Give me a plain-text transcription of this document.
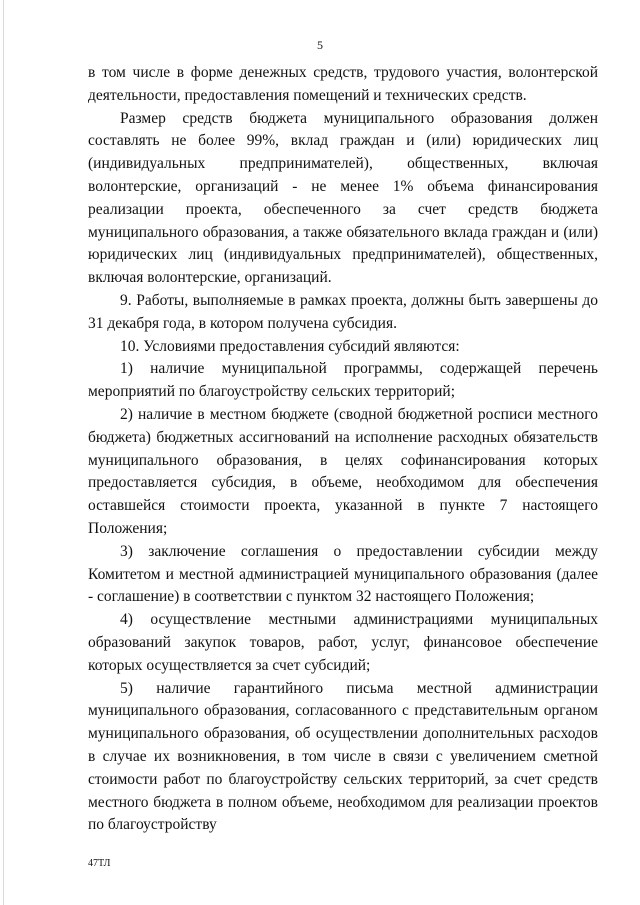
5

в том числе в форме денежных средств, трудового участия, волонтерской деятельности, предоставления помещений и технических средств.

Размер средств бюджета муниципального образования должен составлять не более 99%, вклад граждан и (или) юридических лиц (индивидуальных предпринимателей), общественных, включая волонтерские, организаций - не менее 1% объема финансирования реализации проекта, обеспеченного за счет средств бюджета муниципального образования, а также обязательного вклада граждан и (или) юридических лиц (индивидуальных предпринимателей), общественных, включая волонтерские, организаций.

9. Работы, выполняемые в рамках проекта, должны быть завершены до 31 декабря года, в котором получена субсидия.

10. Условиями предоставления субсидий являются:

1) наличие муниципальной программы, содержащей перечень мероприятий по благоустройству сельских территорий;

2) наличие в местном бюджете (сводной бюджетной росписи местного бюджета) бюджетных ассигнований на исполнение расходных обязательств муниципального образования, в целях софинансирования которых предоставляется субсидия, в объеме, необходимом для обеспечения оставшейся стоимости проекта, указанной в пункте 7 настоящего Положения;

3) заключение соглашения о предоставлении субсидии между Комитетом и местной администрацией муниципального образования (далее - соглашение) в соответствии с пунктом 32 настоящего Положения;

4) осуществление местными администрациями муниципальных образований закупок товаров, работ, услуг, финансовое обеспечение которых осуществляется за счет субсидий;

5) наличие гарантийного письма местной администрации муниципального образования, согласованного с представительным органом муниципального образования, об осуществлении дополнительных расходов в случае их возникновения, в том числе в связи с увеличением сметной стоимости работ по благоустройству сельских территорий, за счет средств местного бюджета в полном объеме, необходимом для реализации проектов по благоустройству

47ТЛ
